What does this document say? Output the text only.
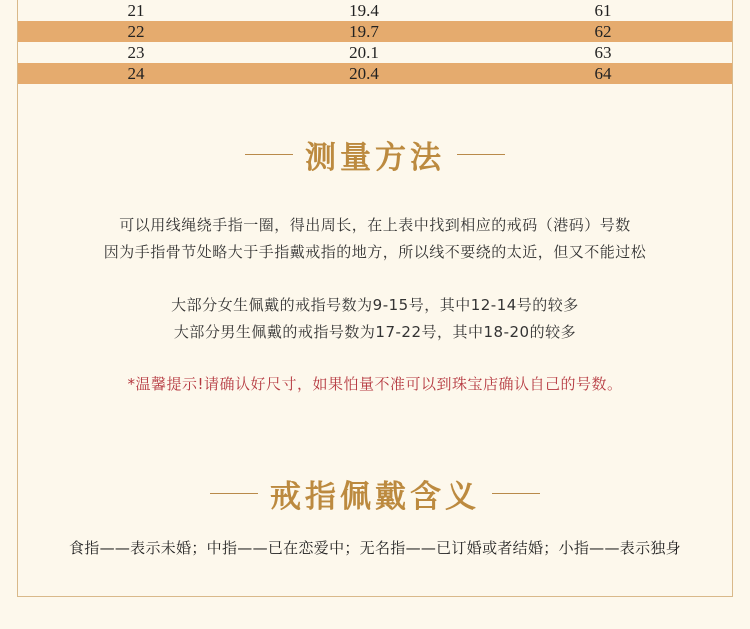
21	19.4	61
22	19.7	62
23	20.1	63
24	20.4	64
测量方法
可以用线绳绕手指一圈，得出周长，在上表中找到相应的戒码（港码）号数
因为手指骨节处略大于手指戴戒指的地方，所以线不要绕的太近，但又不能过松
大部分女生佩戴的戒指号数为9-15号，其中12-14号的较多
大部分男生佩戴的戒指号数为17-22号，其中18-20的较多
*温馨提示!请确认好尺寸，如果怕量不准可以到珠宝店确认自己的号数。
戒指佩戴含义
食指——表示未婚；中指——已在恋爱中；无名指——已订婚或者结婚；小指——表示独身
